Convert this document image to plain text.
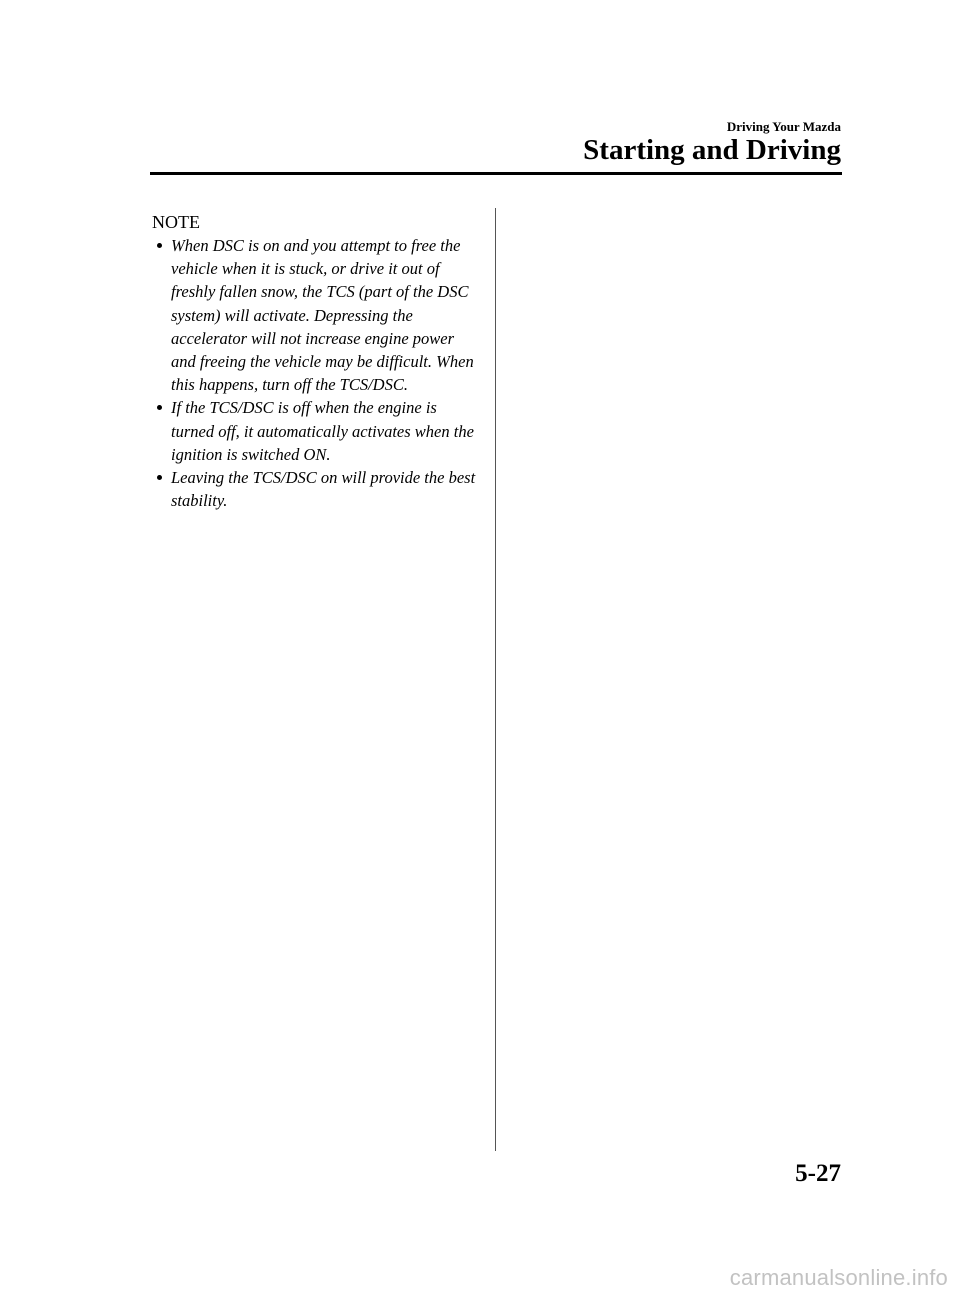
Driving Your Mazda
Starting and Driving
NOTE
When DSC is on and you attempt to free the vehicle when it is stuck, or drive it out of freshly fallen snow, the TCS (part of the DSC system) will activate. Depressing the accelerator will not increase engine power and freeing the vehicle may be difficult. When this happens, turn off the TCS/DSC.
If the TCS/DSC is off when the engine is turned off, it automatically activates when the ignition is switched ON.
Leaving the TCS/DSC on will provide the best stability.
5-27
carmanualsonline.info
